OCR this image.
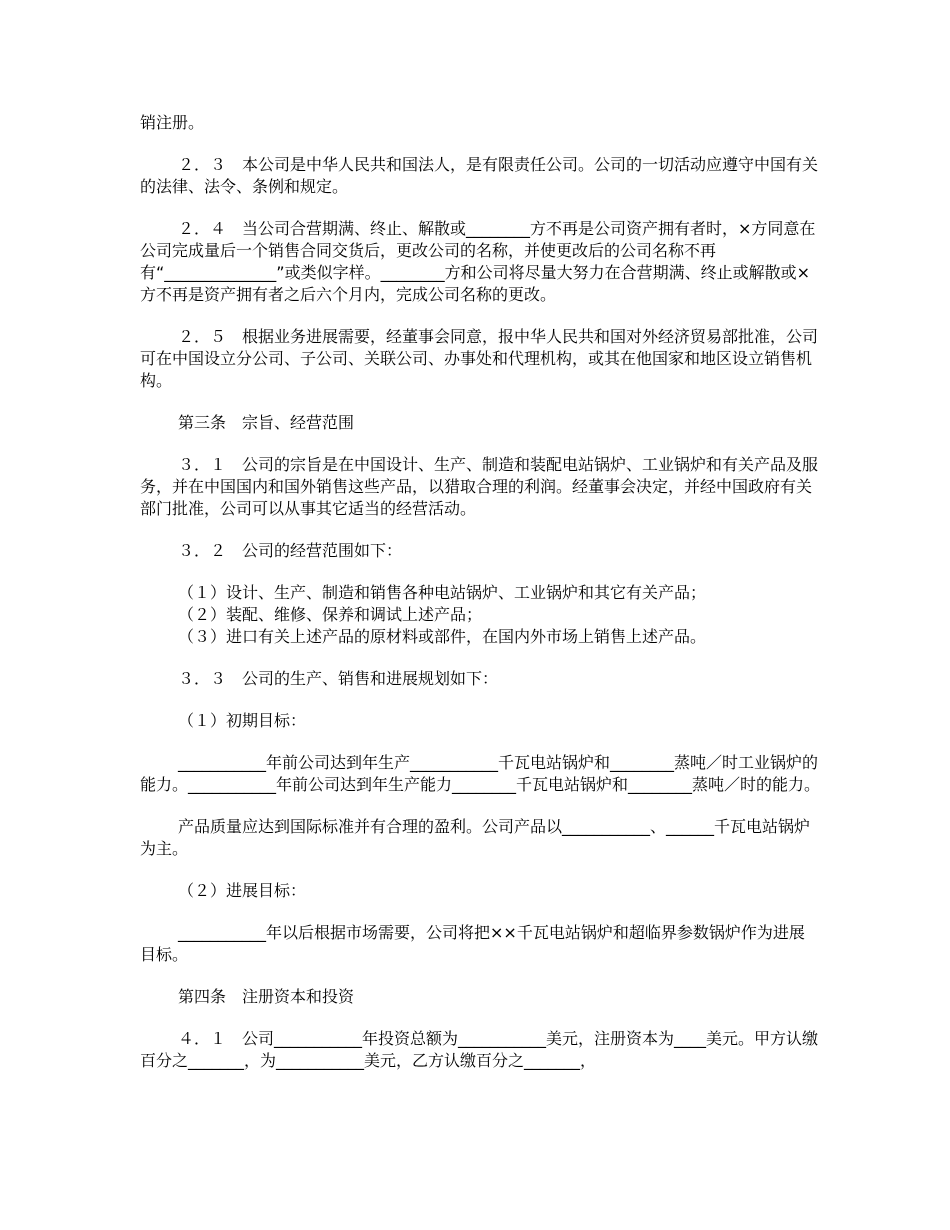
销注册。

２．３　本公司是中华人民共和国法人，是有限责任公司。公司的一切活动应遵守中国有关的法律、法令、条例和规定。

２．４　当公司合营期满、终止、解散或________方不再是公司资产拥有者时，×方同意在公司完成量后一个销售合同交货后，更改公司的名称，并使更改后的公司名称不再有“______________”或类似字样。________方和公司将尽量大努力在合营期满、终止或解散或×方不再是资产拥有者之后六个月内，完成公司名称的更改。

２．５　根据业务进展需要，经董事会同意，报中华人民共和国对外经济贸易部批准，公司可在中国设立分公司、子公司、关联公司、办事处和代理机构，或其在他国家和地区设立销售机构。

第三条　宗旨、经营范围

３．１　公司的宗旨是在中国设计、生产、制造和装配电站锅炉、工业锅炉和有关产品及服务，并在中国国内和国外销售这些产品，以猎取合理的利润。经董事会决定，并经中国政府有关部门批准，公司可以从事其它适当的经营活动。

３．２　公司的经营范围如下：

（１）设计、生产、制造和销售各种电站锅炉、工业锅炉和其它有关产品；

（２）装配、维修、保养和调试上述产品；

（３）进口有关上述产品的原材料或部件，在国内外市场上销售上述产品。

３．３　公司的生产、销售和进展规划如下：

（１）初期目标：

___________年前公司达到年生产___________千瓦电站锅炉和________蒸吨／时工业锅炉的能力。___________年前公司达到年生产能力________千瓦电站锅炉和________蒸吨／时的能力。

产品质量应达到国际标准并有合理的盈利。公司产品以___________、______千瓦电站锅炉为主。

（２）进展目标：

___________年以后根据市场需要，公司将把××千瓦电站锅炉和超临界参数锅炉作为进展目标。

第四条　注册资本和投资

４．１　公司___________年投资总额为___________美元，注册资本为____美元。甲方认缴百分之_______，为___________美元，乙方认缴百分之_______，
